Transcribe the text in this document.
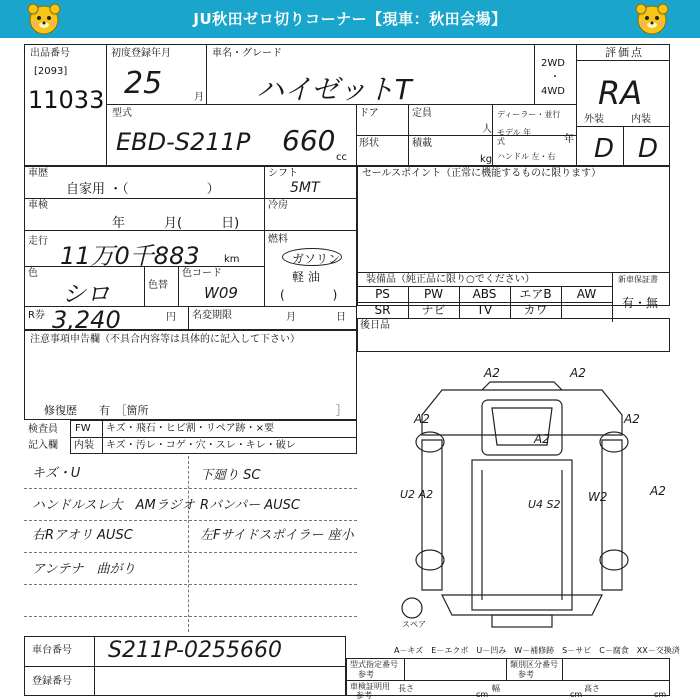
JU秋田ゼロ切りコーナー【現車：秋田会場】
出品番号
[2093]
11033
初度登録年月
25	月
車名・グレード
ハイゼットT
2WD
・
4WD
評価点
RA
外装	内装
D D
型式
EBD-S211P 660
cc
ドア	定員
人
形状	積載
kg
ディーラー・並行
モデル 年式	年
ハンドル 左・右
車歴
自家用 ・（　　　　　　）
シフト
5MT
車検
年　　　月(　　　日)
冷房
走行
11万0千883 km
燃料
ガソリン
軽 油
(　　　　)
色
シロ	色替
色コード
W09
R券 3,240	円 名変期限	月	日
セールスポイント（正常に機能するものに限ります）
装備品（純正品に限り○でください）	新車保証書
有・無
PS	PW	ABS	エアB	AW
SR	ナビ	TV	カワ
後日品
注意事項申告欄（不具合内容等は具体的に記入して下さい）
修復歴　　有　［箇所	］
検査員
記入欄
FW キズ・飛石・ヒビ割・リペア跡・×要
内装 キズ・汚レ・コゲ・穴・スレ・キレ・破レ
キズ・U
ハンドルスレ大　AMラジオ
右Rアオリ AUSC
アンテナ　曲がり
下廻り SC
Rバンパー AUSC
左Fサイドスポイラー 座小
A2	A2
A2	A2
A2
U2 A2	W2	A2
U4 S2
スペア
A－キズ　E－エクボ　U－凹み　W－補修跡　S－サビ　C－腐食　XX－交換済
車台番号 S211P-0255660
登録番号
型式指定番号
参考
類別区分番号
参考
車検証明用
参考
長さ
cm
幅
cm
高さ
cm
